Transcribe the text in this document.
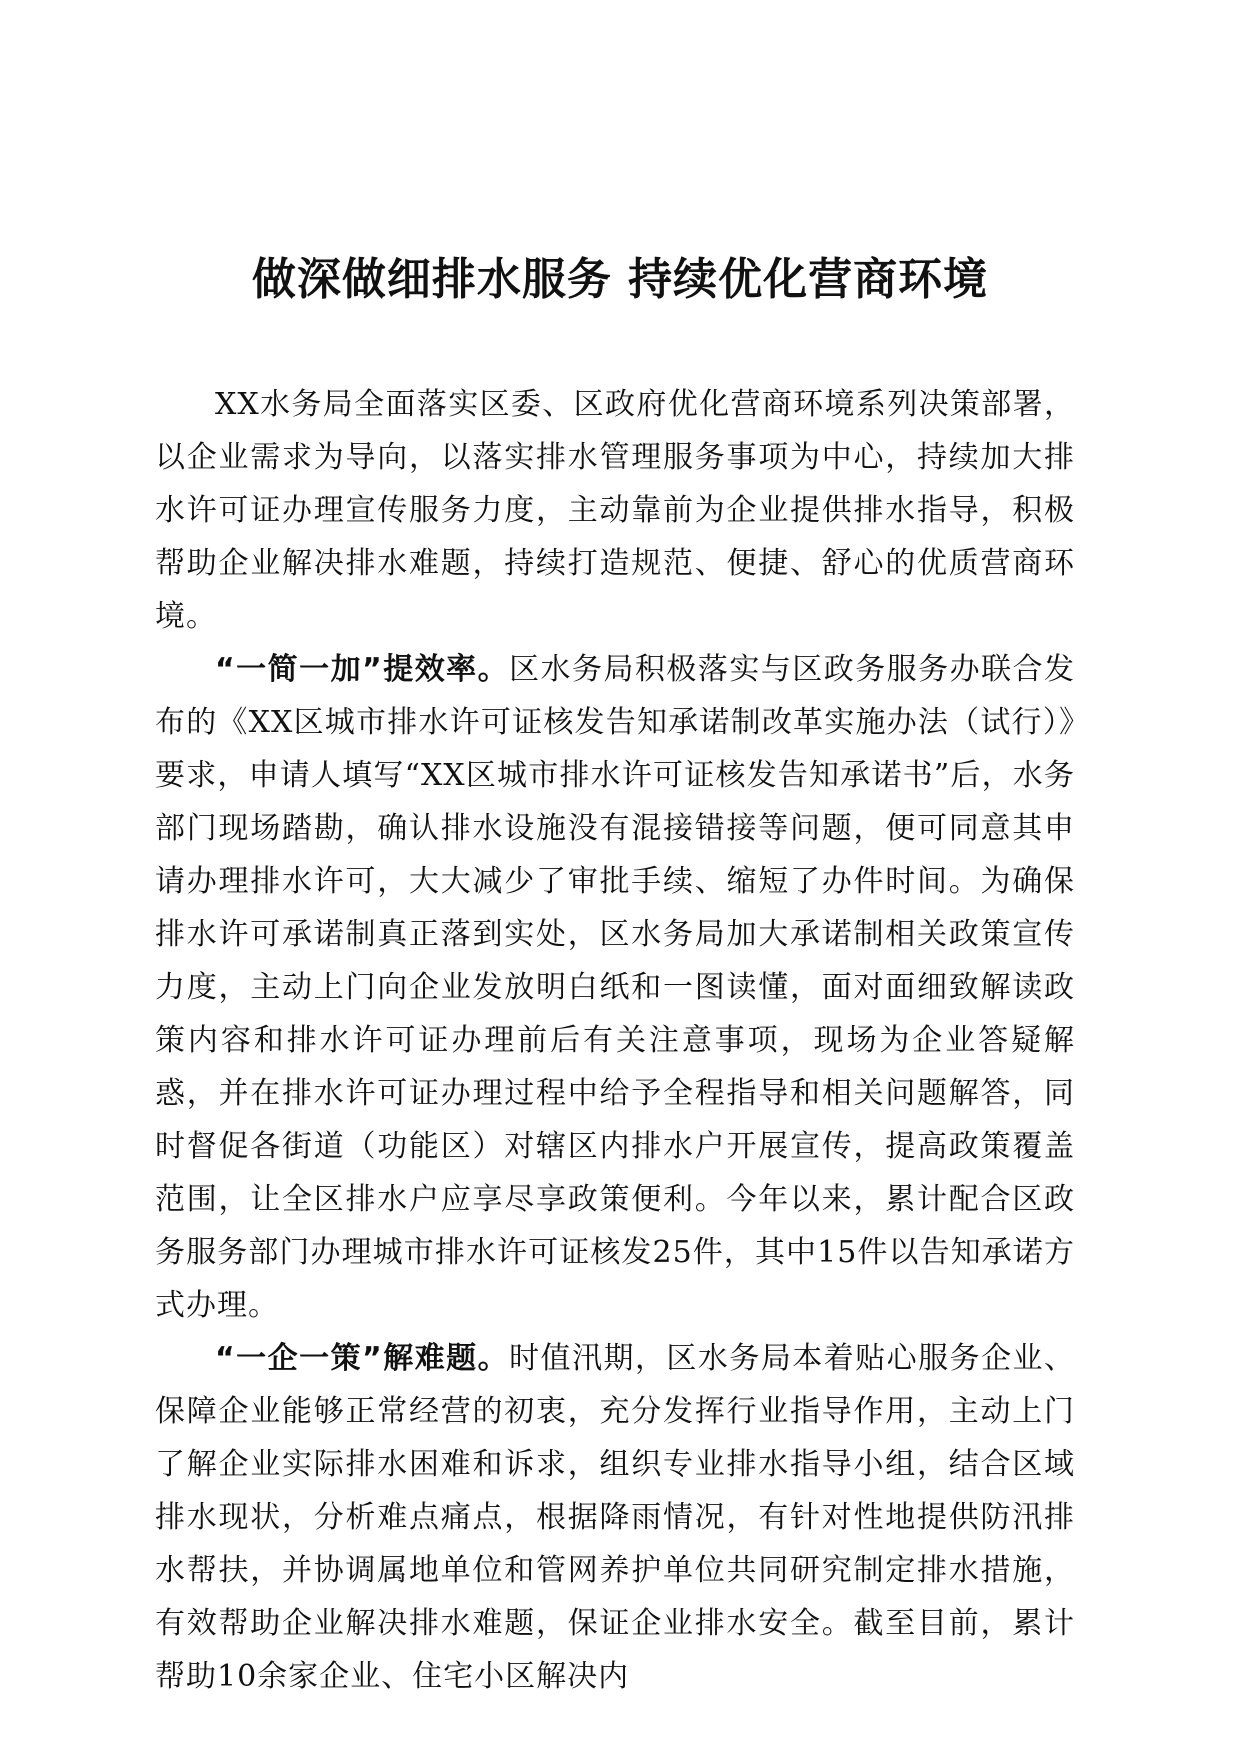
做深做细排水服务 持续优化营商环境

XX水务局全面落实区委、区政府优化营商环境系列决策部署，以企业需求为导向，以落实排水管理服务事项为中心，持续加大排水许可证办理宣传服务力度，主动靠前为企业提供排水指导，积极帮助企业解决排水难题，持续打造规范、便捷、舒心的优质营商环境。

“一简一加”提效率。区水务局积极落实与区政务服务办联合发布的《XX区城市排水许可证核发告知承诺制改革实施办法（试行）》要求，申请人填写“XX区城市排水许可证核发告知承诺书”后，水务部门现场踏勘，确认排水设施没有混接错接等问题，便可同意其申请办理排水许可，大大减少了审批手续、缩短了办件时间。为确保排水许可承诺制真正落到实处，区水务局加大承诺制相关政策宣传力度，主动上门向企业发放明白纸和一图读懂，面对面细致解读政策内容和排水许可证办理前后有关注意事项，现场为企业答疑解惑，并在排水许可证办理过程中给予全程指导和相关问题解答，同时督促各街道（功能区）对辖区内排水户开展宣传，提高政策覆盖范围，让全区排水户应享尽享政策便利。今年以来，累计配合区政务服务部门办理城市排水许可证核发25件，其中15件以告知承诺方式办理。

“一企一策”解难题。时值汛期，区水务局本着贴心服务企业、保障企业能够正常经营的初衷，充分发挥行业指导作用，主动上门了解企业实际排水困难和诉求，组织专业排水指导小组，结合区域排水现状，分析难点痛点，根据降雨情况，有针对性地提供防汛排水帮扶，并协调属地单位和管网养护单位共同研究制定排水措施，有效帮助企业解决排水难题，保证企业排水安全。截至目前，累计帮助10余家企业、住宅小区解决内
